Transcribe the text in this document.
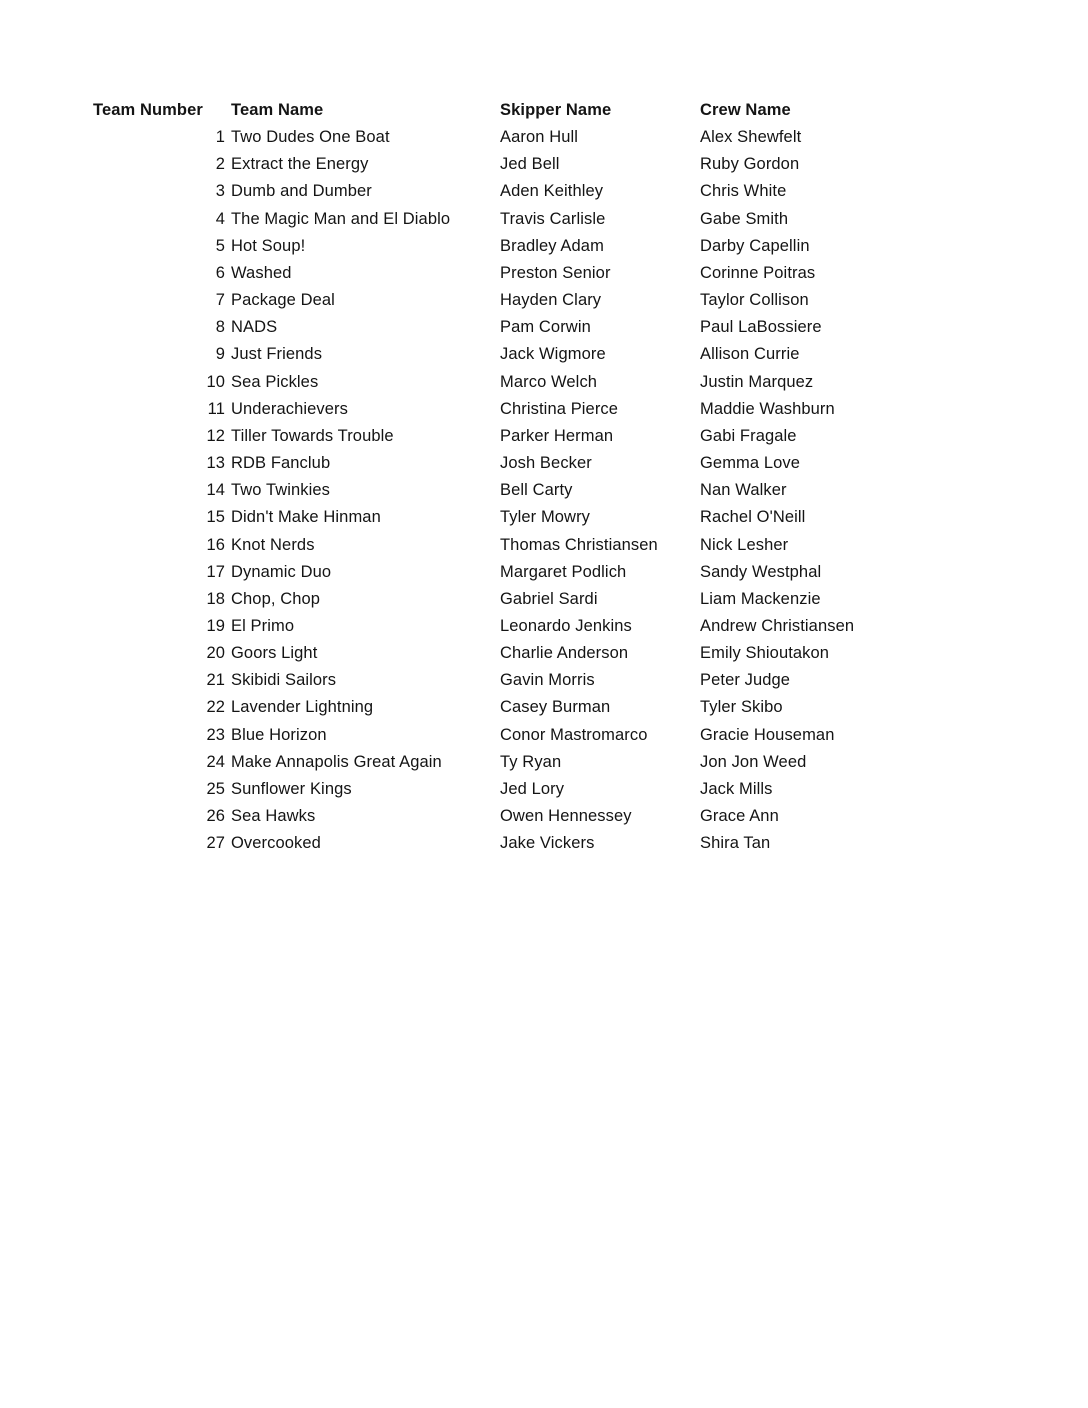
Team Number	Team Name	Skipper Name	Crew Name
1 Two Dudes One Boat	Aaron Hull	Alex Shewfelt
2 Extract the Energy	Jed Bell	Ruby Gordon
3 Dumb and Dumber	Aden Keithley	Chris White
4 The Magic Man and El Diablo	Travis Carlisle	Gabe Smith
5 Hot Soup!	Bradley Adam	Darby Capellin
6 Washed	Preston Senior	Corinne Poitras
7 Package Deal	Hayden Clary	Taylor Collison
8 NADS	Pam Corwin	Paul LaBossiere
9 Just Friends	Jack Wigmore	Allison Currie
10 Sea Pickles	Marco Welch	Justin Marquez
11 Underachievers	Christina Pierce	Maddie Washburn
12 Tiller Towards Trouble	Parker Herman	Gabi Fragale
13 RDB Fanclub	Josh Becker	Gemma Love
14 Two Twinkies	Bell Carty	Nan Walker
15 Didn't Make Hinman	Tyler Mowry	Rachel O'Neill
16 Knot Nerds	Thomas Christiansen	Nick Lesher
17 Dynamic Duo	Margaret Podlich	Sandy Westphal
18 Chop, Chop	Gabriel Sardi	Liam Mackenzie
19 El Primo	Leonardo Jenkins	Andrew Christiansen
20 Goors Light	Charlie Anderson	Emily Shioutakon
21 Skibidi Sailors	Gavin Morris	Peter Judge
22 Lavender Lightning	Casey Burman	Tyler Skibo
23 Blue Horizon	Conor Mastromarco	Gracie Houseman
24 Make Annapolis Great Again	Ty Ryan	Jon Jon Weed
25 Sunflower Kings	Jed Lory	Jack Mills
26 Sea Hawks	Owen Hennessey	Grace Ann
27 Overcooked	Jake Vickers	Shira Tan
